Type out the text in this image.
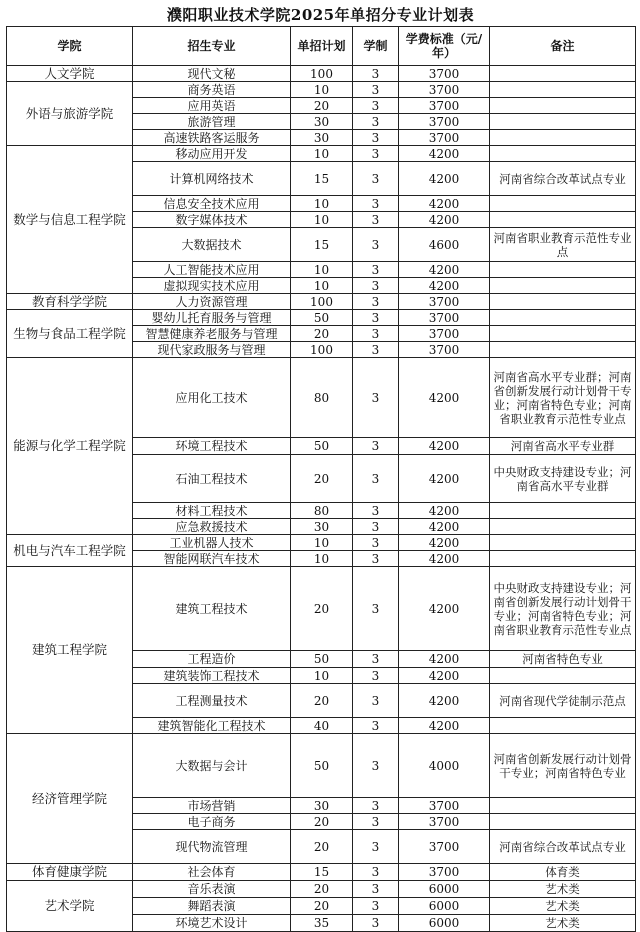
濮阳职业技术学院2025年单招分专业计划表
学院	招生专业	单招计划	学制	学费标准（元/年）	备注
人文学院	现代文秘	100	3	3700	
外语与旅游学院	商务英语	10	3	3700	
	应用英语	20	3	3700	
	旅游管理	30	3	3700	
	高速铁路客运服务	30	3	3700	
数学与信息工程学院	移动应用开发	10	3	4200	
	计算机网络技术	15	3	4200	河南省综合改革试点专业
	信息安全技术应用	10	3	4200	
	数字媒体技术	10	3	4200	
	大数据技术	15	3	4600	河南省职业教育示范性专业点
	人工智能技术应用	10	3	4200	
	虚拟现实技术应用	10	3	4200	
教育科学学院	人力资源管理	100	3	3700	
生物与食品工程学院	婴幼儿托育服务与管理	50	3	3700	
	智慧健康养老服务与管理	20	3	3700	
	现代家政服务与管理	100	3	3700	
能源与化学工程学院	应用化工技术	80	3	4200	河南省高水平专业群；河南省创新发展行动计划骨干专业；河南省特色专业；河南省职业教育示范性专业点
	环境工程技术	50	3	4200	河南省高水平专业群
	石油工程技术	20	3	4200	中央财政支持建设专业；河南省高水平专业群
	材料工程技术	80	3	4200	
	应急救援技术	30	3	4200	
机电与汽车工程学院	工业机器人技术	10	3	4200	
	智能网联汽车技术	10	3	4200	
建筑工程学院	建筑工程技术	20	3	4200	中央财政支持建设专业；河南省创新发展行动计划骨干专业；河南省特色专业；河南省职业教育示范性专业点
	工程造价	50	3	4200	河南省特色专业
	建筑装饰工程技术	10	3	4200	
	工程测量技术	20	3	4200	河南省现代学徒制示范点
	建筑智能化工程技术	40	3	4200	
经济管理学院	大数据与会计	50	3	4000	河南省创新发展行动计划骨干专业；河南省特色专业
	市场营销	30	3	3700	
	电子商务	20	3	3700	
	现代物流管理	20	3	3700	河南省综合改革试点专业
体育健康学院	社会体育	15	3	3700	体育类
艺术学院	音乐表演	20	3	6000	艺术类
	舞蹈表演	20	3	6000	艺术类
	环境艺术设计	35	3	6000	艺术类
